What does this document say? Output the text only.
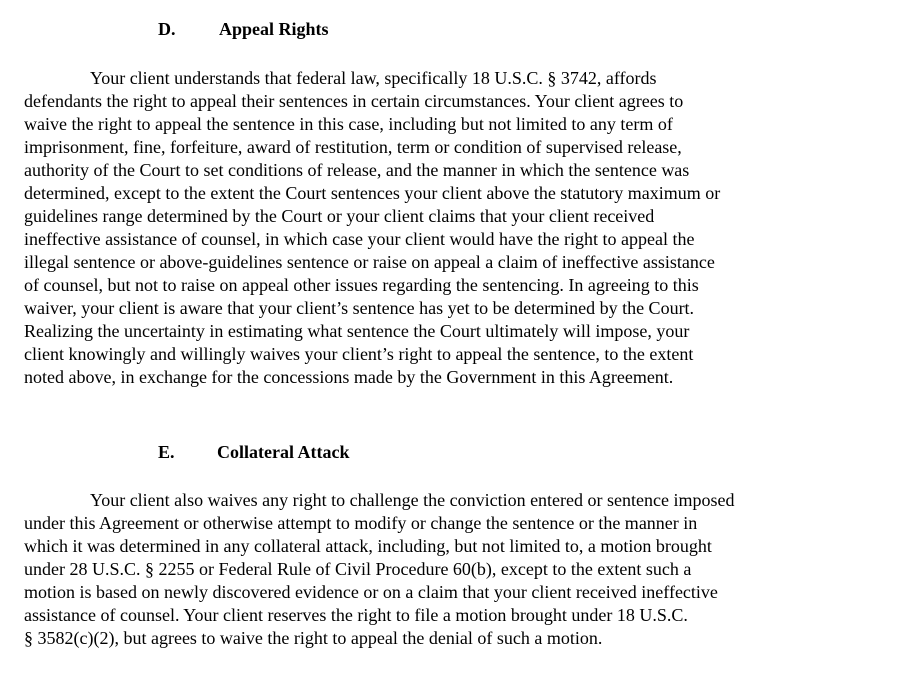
D. Appeal Rights
Your client understands that federal law, specifically 18 U.S.C. § 3742, affords
defendants the right to appeal their sentences in certain circumstances. Your client agrees to
waive the right to appeal the sentence in this case, including but not limited to any term of
imprisonment, fine, forfeiture, award of restitution, term or condition of supervised release,
authority of the Court to set conditions of release, and the manner in which the sentence was
determined, except to the extent the Court sentences your client above the statutory maximum or
guidelines range determined by the Court or your client claims that your client received
ineffective assistance of counsel, in which case your client would have the right to appeal the
illegal sentence or above-guidelines sentence or raise on appeal a claim of ineffective assistance
of counsel, but not to raise on appeal other issues regarding the sentencing. In agreeing to this
waiver, your client is aware that your client’s sentence has yet to be determined by the Court.
Realizing the uncertainty in estimating what sentence the Court ultimately will impose, your
client knowingly and willingly waives your client’s right to appeal the sentence, to the extent
noted above, in exchange for the concessions made by the Government in this Agreement.
E. Collateral Attack
Your client also waives any right to challenge the conviction entered or sentence imposed
under this Agreement or otherwise attempt to modify or change the sentence or the manner in
which it was determined in any collateral attack, including, but not limited to, a motion brought
under 28 U.S.C. § 2255 or Federal Rule of Civil Procedure 60(b), except to the extent such a
motion is based on newly discovered evidence or on a claim that your client received ineffective
assistance of counsel. Your client reserves the right to file a motion brought under 18 U.S.C.
§ 3582(c)(2), but agrees to waive the right to appeal the denial of such a motion.
